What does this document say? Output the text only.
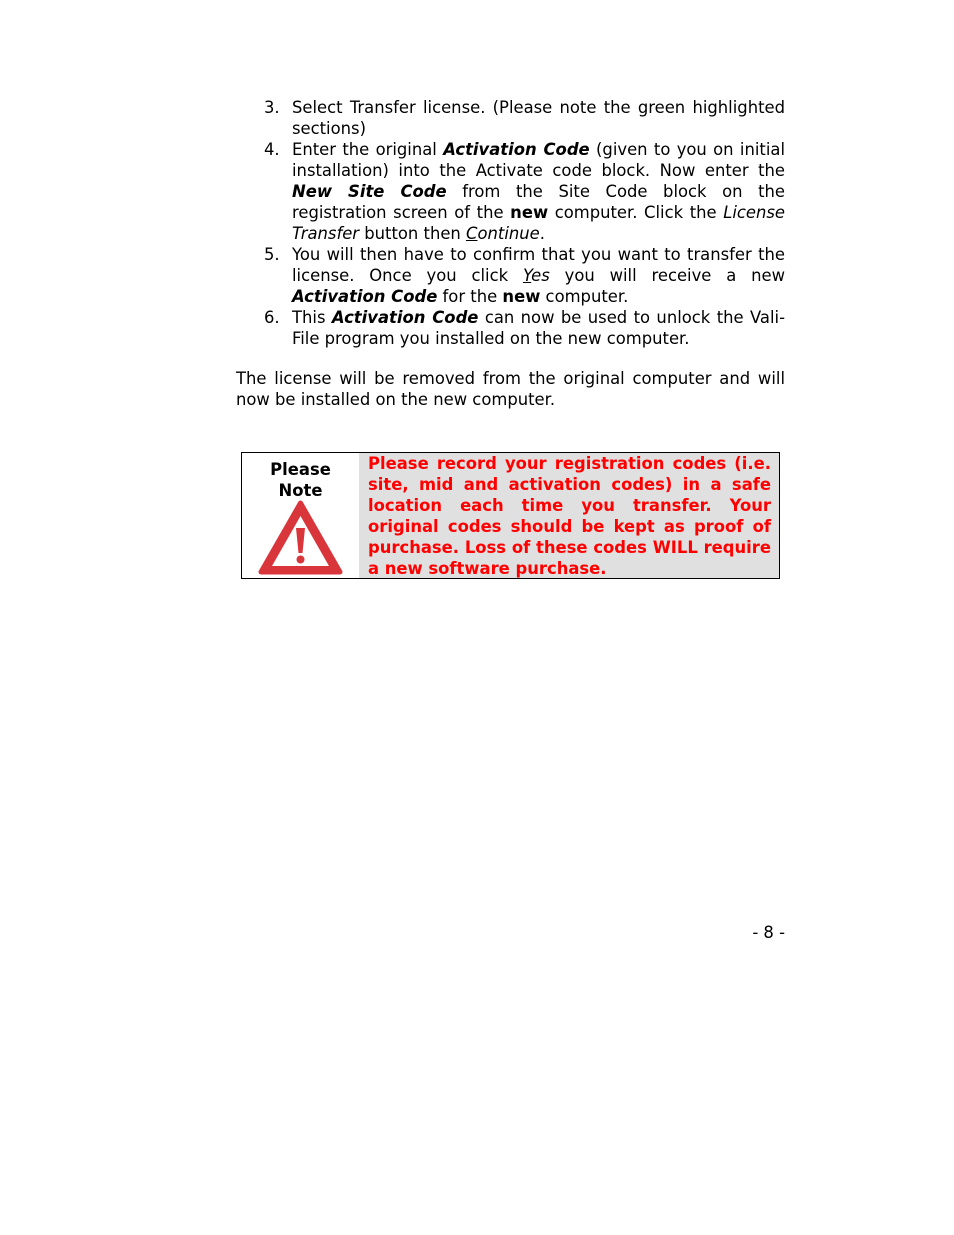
3. Select Transfer license. (Please note the green highlighted sections)
4. Enter the original Activation Code (given to you on initial installation) into the Activate code block. Now enter the New Site Code from the Site Code block on the registration screen of the new computer. Click the License Transfer button then Continue.
5. You will then have to confirm that you want to transfer the license. Once you click Yes you will receive a new Activation Code for the new computer.
6. This Activation Code can now be used to unlock the Vali-File program you installed on the new computer.

The license will be removed from the original computer and will now be installed on the new computer.

Please
Note

Please record your registration codes (i.e. site, mid and activation codes) in a safe location each time you transfer. Your original codes should be kept as proof of purchase. Loss of these codes WILL require a new software purchase.

- 8 -
